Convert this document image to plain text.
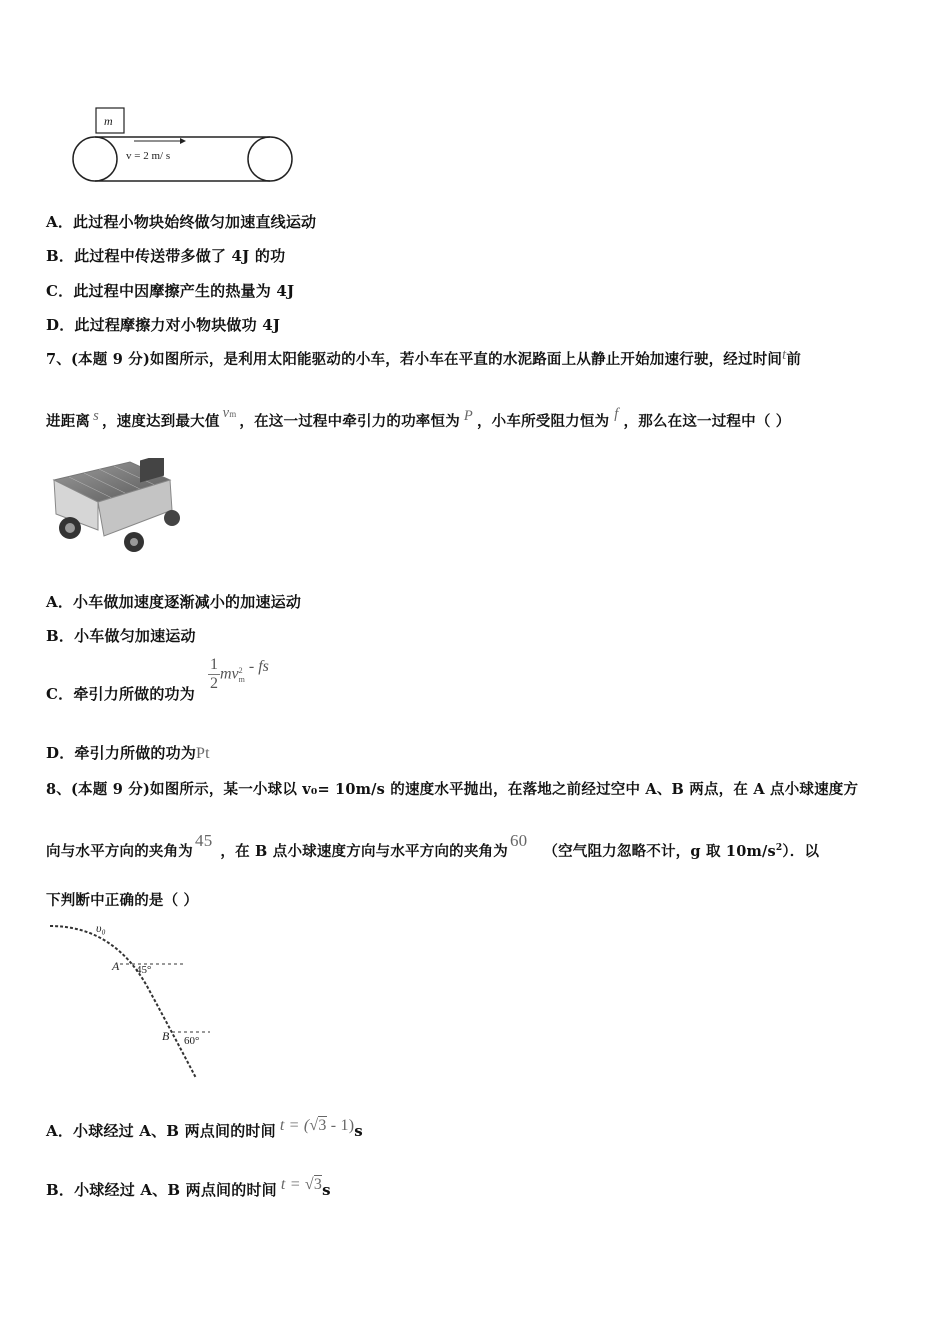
m
v = 2 m/ s
A．此过程小物块始终做匀加速直线运动
B．此过程中传送带多做了 4J 的功
C．此过程中因摩擦产生的热量为 4J
D．此过程摩擦力对小物块做功 4J
7、(本题 9 分)如图所示，是利用太阳能驱动的小车，若小车在平直的水泥路面上从静止开始加速行驶，经过时间t前
进距离 s ，速度达到最大值 vm ，在这一过程中牵引力的功率恒为 P ，小车所受阻力恒为 f ，那么在这一过程中（ ）
A．小车做加速度逐渐减小的加速运动
B．小车做匀加速运动
C．牵引力所做的功为
$\frac{1}{2}$ mv 2
m
- fs
D．牵引力所做的功为Pt
8、(本题 9 分)如图所示，某一小球以 v₀= 10m/s 的速度水平抛出，在落地之前经过空中 A、B 两点，在 A 点小球速度方
向与水平方向的夹角为45，在 B 点小球速度方向与水平方向的夹角为60（空气阻力忽略不计，g 取 $10m/s^2$）．以
下判断中正确的是（ ）
υ₀
A 45°
B 60°
A．小球经过 A、B 两点间的时间 t = (√3 - 1)s
B．小球经过 A、B 两点间的时间 t = √3s
